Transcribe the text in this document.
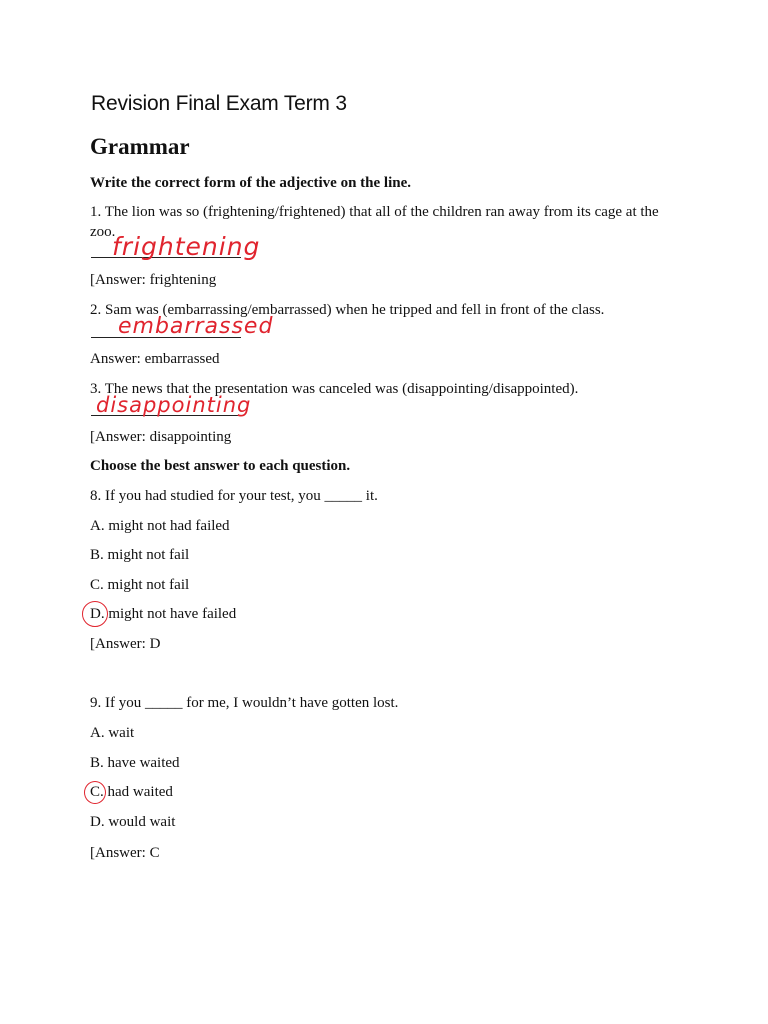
Revision Final Exam Term 3
Grammar
Write the correct form of the adjective on the line.
1. The lion was so (frightening/frightened) that all of the children ran away from its cage at the
zoo.
frightening
[Answer: frightening
2. Sam was (embarrassing/embarrassed) when he tripped and fell in front of the class.
embarrassed
Answer: embarrassed
3. The news that the presentation was canceled was (disappointing/disappointed).
disappointing
[Answer: disappointing
Choose the best answer to each question.
8. If you had studied for your test, you _____ it.
A. might not had failed
B. might not fail
C. might not fail
D. might not have failed
[Answer: D
9. If you _____ for me, I wouldn’t have gotten lost.
A. wait
B. have waited
C. had waited
D. would wait
[Answer: C
